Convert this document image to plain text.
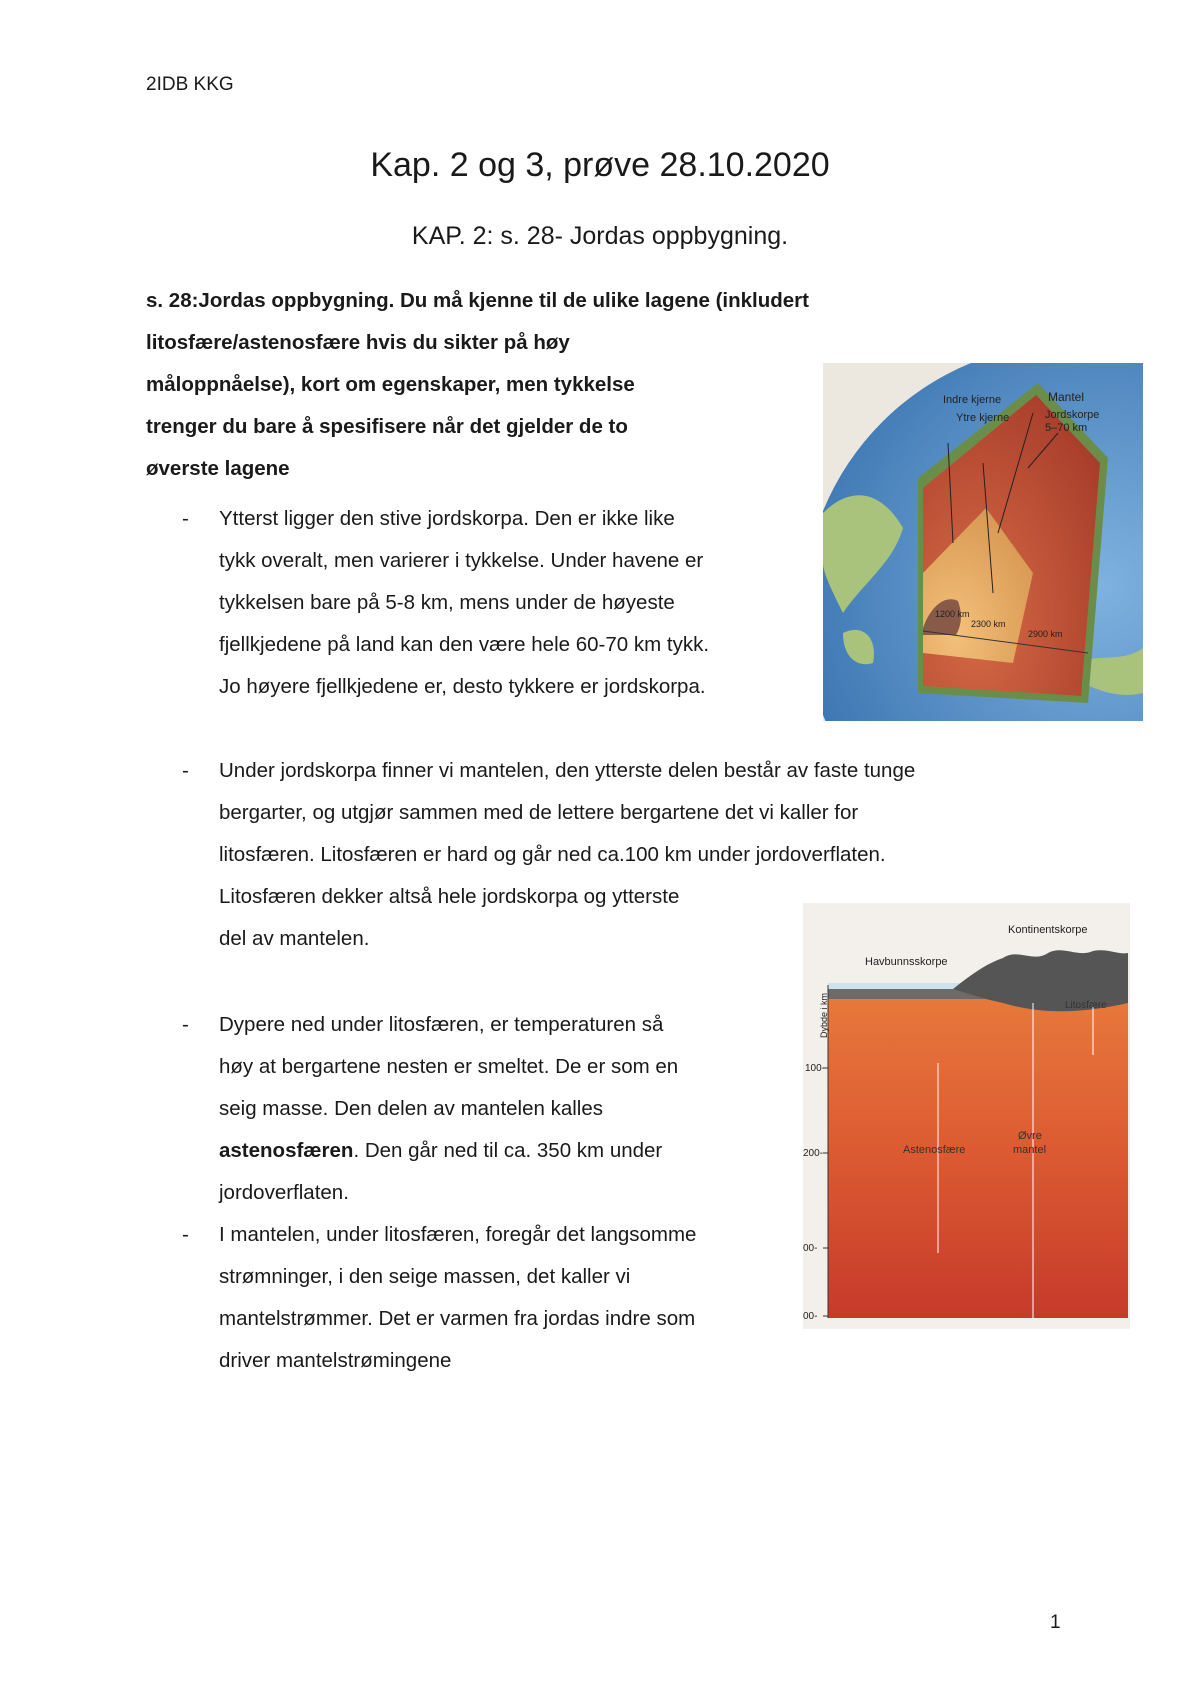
2IDB KKG
Kap. 2 og 3, prøve 28.10.2020
KAP. 2: s. 28- Jordas oppbygning.

s. 28:Jordas oppbygning. Du må kjenne til de ulike lagene (inkludert
litosfære/astenosfære hvis du sikter på høy
måloppnåelse), kort om egenskaper, men tykkelse
trenger du bare å spesifisere når det gjelder de to
øverste lagene

- Ytterst ligger den stive jordskorpa. Den er ikke like
tykk overalt, men varierer i tykkelse. Under havene er
tykkelsen bare på 5-8 km, mens under de høyeste
fjellkjedene på land kan den være hele 60-70 km tykk.
Jo høyere fjellkjedene er, desto tykkere er jordskorpa.
- Under jordskorpa finner vi mantelen, den ytterste delen består av faste tunge
bergarter, og utgjør sammen med de lettere bergartene det vi kaller for
litosfæren. Litosfæren er hard og går ned ca.100 km under jordoverflaten.
Litosfæren dekker altså hele jordskorpa og ytterste
del av mantelen.
- Dypere ned under litosfæren, er temperaturen så
høy at bergartene nesten er smeltet. De er som en
seig masse. Den delen av mantelen kalles
astenosfæren. Den går ned til ca. 350 km under
jordoverflaten.
- I mantelen, under litosfæren, foregår det langsomme
strømninger, i den seige massen, det kaller vi
mantelstrømmer. Det er varmen fra jordas indre som
driver mantelstrømingene
Indre kjerne
Ytre kjerne
Mantel
Jordskorpe
5–70 km
1200 km
2300 km
2900 km
Kontinentskorpe
Havbunnsskorpe
Dybde i km	Litosfære
Astenosfære
Øvre
mantel
100-
200-
00-
00-
1
